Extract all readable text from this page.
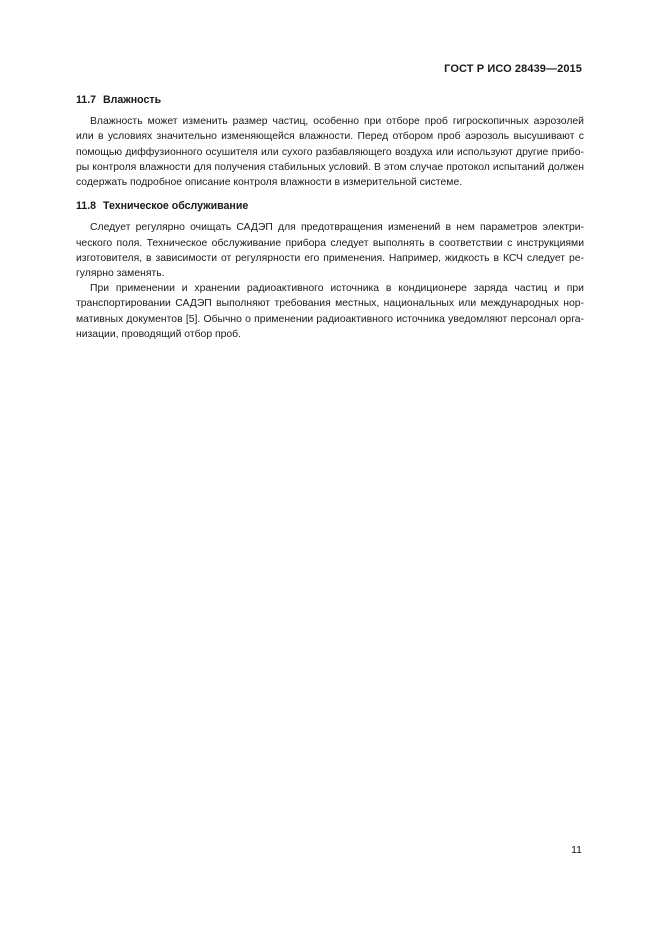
ГОСТ Р ИСО 28439—2015
11.7 Влажность
Влажность может изменить размер частиц, особенно при отборе проб гигроскопичных аэрозолей
или в условиях значительно изменяющейся влажности. Перед отбором проб аэрозоль высушивают с
помощью диффузионного осушителя или сухого разбавляющего воздуха или используют другие прибо-
ры контроля влажности для получения стабильных условий. В этом случае протокол испытаний должен
содержать подробное описание контроля влажности в измерительной системе.
11.8 Техническое обслуживание
Следует регулярно очищать САДЭП для предотвращения изменений в нем параметров электри-
ческого поля. Техническое обслуживание прибора следует выполнять в соответствии с инструкциями
изготовителя, в зависимости от регулярности его применения. Например, жидкость в КСЧ следует ре-
гулярно заменять.
При применении и хранении радиоактивного источника в кондиционере заряда частиц и при
транспортировании САДЭП выполняют требования местных, национальных или международных нор-
мативных документов [5]. Обычно о применении радиоактивного источника уведомляют персонал орга-
низации, проводящий отбор проб.
11
